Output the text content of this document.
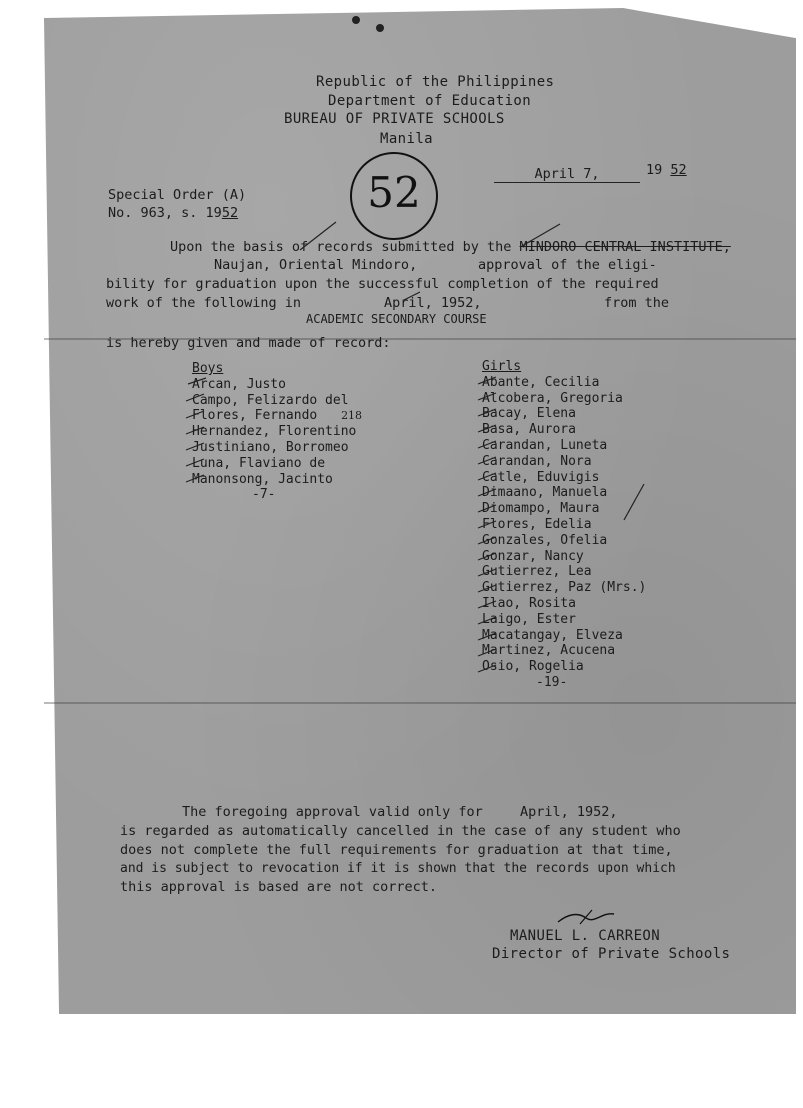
Republic of the Philippines
Department of Education
BUREAU OF PRIVATE SCHOOLS
Manila
52	April 7,	19 52
Special Order (A)
No. 963, s. 1952
Upon the basis of records submitted by the MINDORO CENTRAL INSTITUTE,
Naujan, Oriental Mindoro,	approval of the eligi-
bility for graduation upon the successful completion of the required
work of the following in	April, 1952,	from the
ACADEMIC SECONDARY COURSE
is hereby given and made of record:
Boys
Arcan, Justo
Campo, Felizardo del
Flores, Fernando 218
Hernandez, Florentino
Justiniano, Borromeo
Luna, Flaviano de
Manonsong, Jacinto
-7-
Girls
Abante, Cecilia
Alcobera, Gregoria
Bacay, Elena
Basa, Aurora
Carandan, Luneta
Carandan, Nora
Catle, Eduvigis
Dimaano, Manuela
Diomampo, Maura
Flores, Edelia
Gonzales, Ofelia
Gonzar, Nancy
Gutierrez, Lea
Gutierrez, Paz (Mrs.)
Ilao, Rosita
Laigo, Ester
Macatangay, Elveza
Martinez, Acucena
Osio, Rogelia
-19-
The foregoing approval valid only for	April, 1952,
is regarded as automatically cancelled in the case of any student who
does not complete the full requirements for graduation at that time,
and is subject to revocation if it is shown that the records upon which
this approval is based are not correct.
MANUEL L. CARREON
Director of Private Schools
